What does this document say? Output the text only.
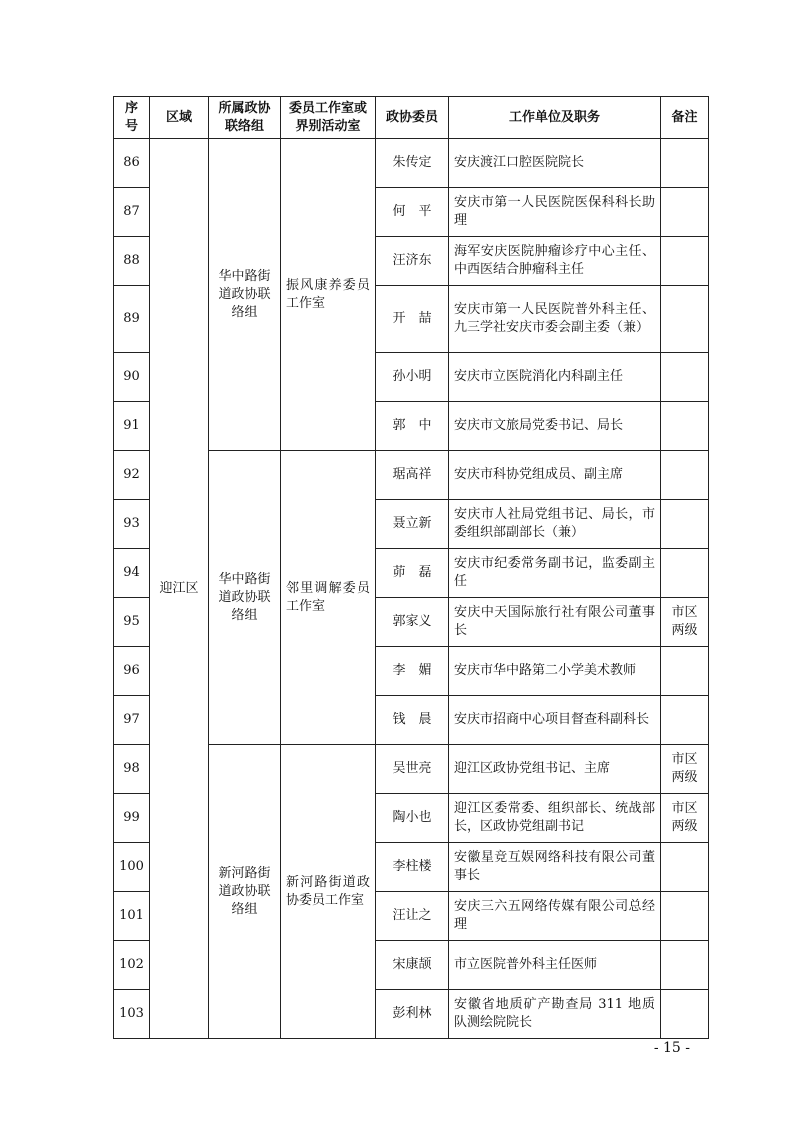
序号	区域	所属政协联络组	委员工作室或界别活动室	政协委员	工作单位及职务	备注
86	迎江区	华中路街道政协联络组	振风康养委员工作室	朱传定	安庆渡江口腔医院院长	
87				何　平	安庆市第一人民医院医保科科长助理	
88				汪济东	海军安庆医院肿瘤诊疗中心主任、中西医结合肿瘤科主任	
89				开　喆	安庆市第一人民医院普外科主任、九三学社安庆市委会副主委（兼）	
90				孙小明	安庆市立医院消化内科副主任	
91				郭　中	安庆市文旅局党委书记、局长	
92		华中路街道政协联络组	邻里调解委员工作室	琚高祥	安庆市科协党组成员、副主席	
93				聂立新	安庆市人社局党组书记、局长，市委组织部副部长（兼）	
94				茆　磊	安庆市纪委常务副书记，监委副主任	
95				郭家义	安庆中天国际旅行社有限公司董事长	市区两级
96				李　媚	安庆市华中路第二小学美术教师	
97				钱　晨	安庆市招商中心项目督查科副科长	
98		新河路街道政协联络组	新河路街道政协委员工作室	吴世亮	迎江区政协党组书记、主席	市区两级
99				陶小也	迎江区委常委、组织部长、统战部长，区政协党组副书记	市区两级
100				李柱楼	安徽星竞互娱网络科技有限公司董事长	
101				汪让之	安庆三六五网络传媒有限公司总经理	
102				宋康颉	市立医院普外科主任医师	
103				彭利林	安徽省地质矿产勘查局 311 地质队测绘院院长	
- 15 -
